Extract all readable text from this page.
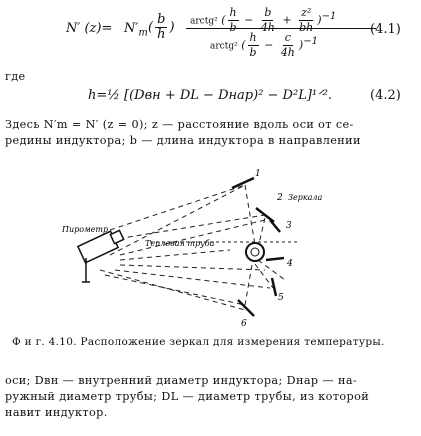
N′ $(z)= N'_m$ ( $\frac{b}{h}$ )	arctg² ( $\frac{h}{b} - \frac{b}{4h} + \frac{\text{z²}}{bh} )^{-1}$
arctg² ( $\frac{h}{b} - \frac{c}{4h} )^{-1}$
(4.1)
где
h=½ [(Dвн + DL − Dнар)² − D²L]¹ᐟ².	(4.2)
Здесь N′m = N′ (z = 0); z — расстояние вдоль оси от се-
редины индуктора; b — длина индуктора в направлении
Пирометр
Тепловая труба
Зеркала
1
2
3
4
5
6
Ф и г. 4.10. Расположение зеркал для измерения температуры.
оси; Dвн — внутренний диаметр индуктора; Dнар — на-
ружный диаметр трубы; DL — диаметр трубы, из которой
навит индуктор.
